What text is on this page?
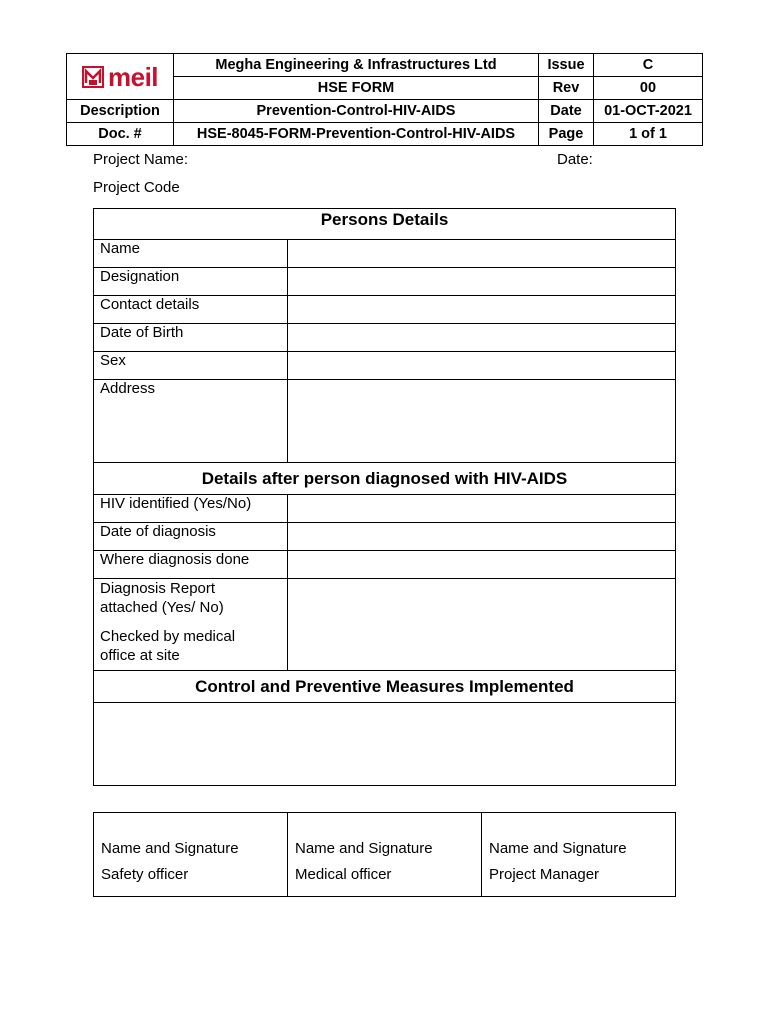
meil	Megha Engineering & Infrastructures Ltd	Issue	C
	HSE FORM	Rev	00
Description	Prevention-Control-HIV-AIDS	Date	01-OCT-2021
Doc. #	HSE-8045-FORM-Prevention-Control-HIV-AIDS	Page	1 of 1
Project Name:	Date:
Project Code
Persons Details	

Name	
Designation	
Contact details	
Date of Birth	
Sex	
Address	
Details after person diagnosed with HIV-AIDS	
HIV identified (Yes/No)	
Date of diagnosis	
Where diagnosis done	

Diagnosis Report
attached (Yes/ No)
Checked by medical
office at site	

Control and Preventive Measures Implemented	

Name and Signature
Safety officer

Name and Signature
Medical officer

Name and Signature
Project Manager
